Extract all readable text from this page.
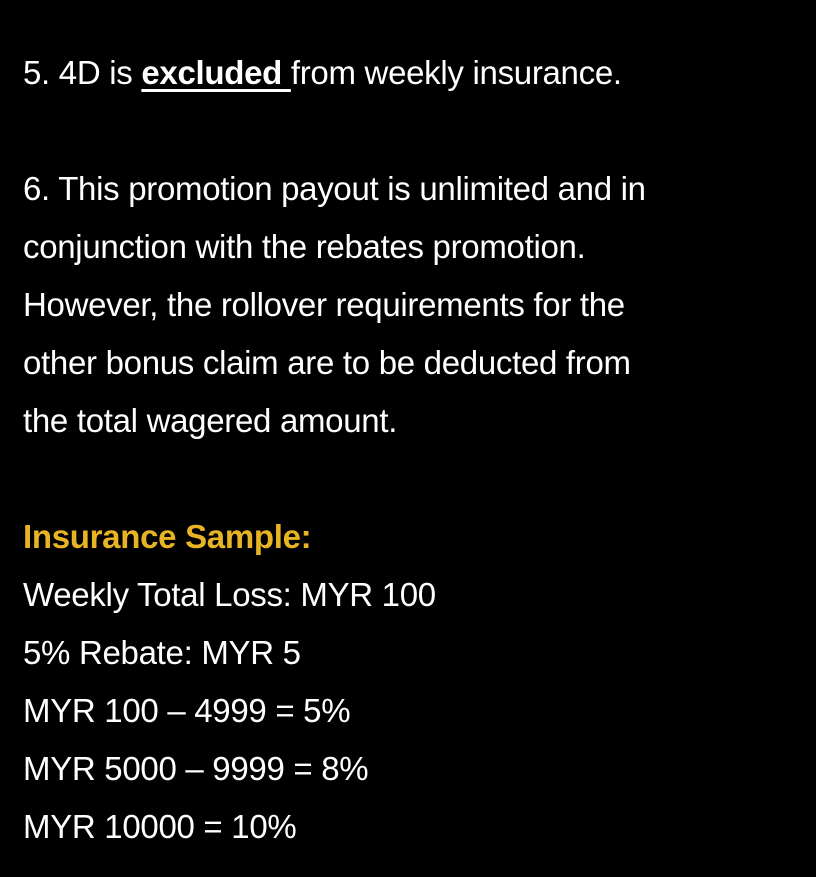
5. 4D is excluded from weekly insurance.
6. This promotion payout is unlimited and in
conjunction with the rebates promotion.
However, the rollover requirements for the
other bonus claim are to be deducted from
the total wagered amount.
Insurance Sample:
Weekly Total Loss: MYR 100
5% Rebate: MYR 5
MYR 100 – 4999 = 5%
MYR 5000 – 9999 = 8%
MYR 10000 = 10%
